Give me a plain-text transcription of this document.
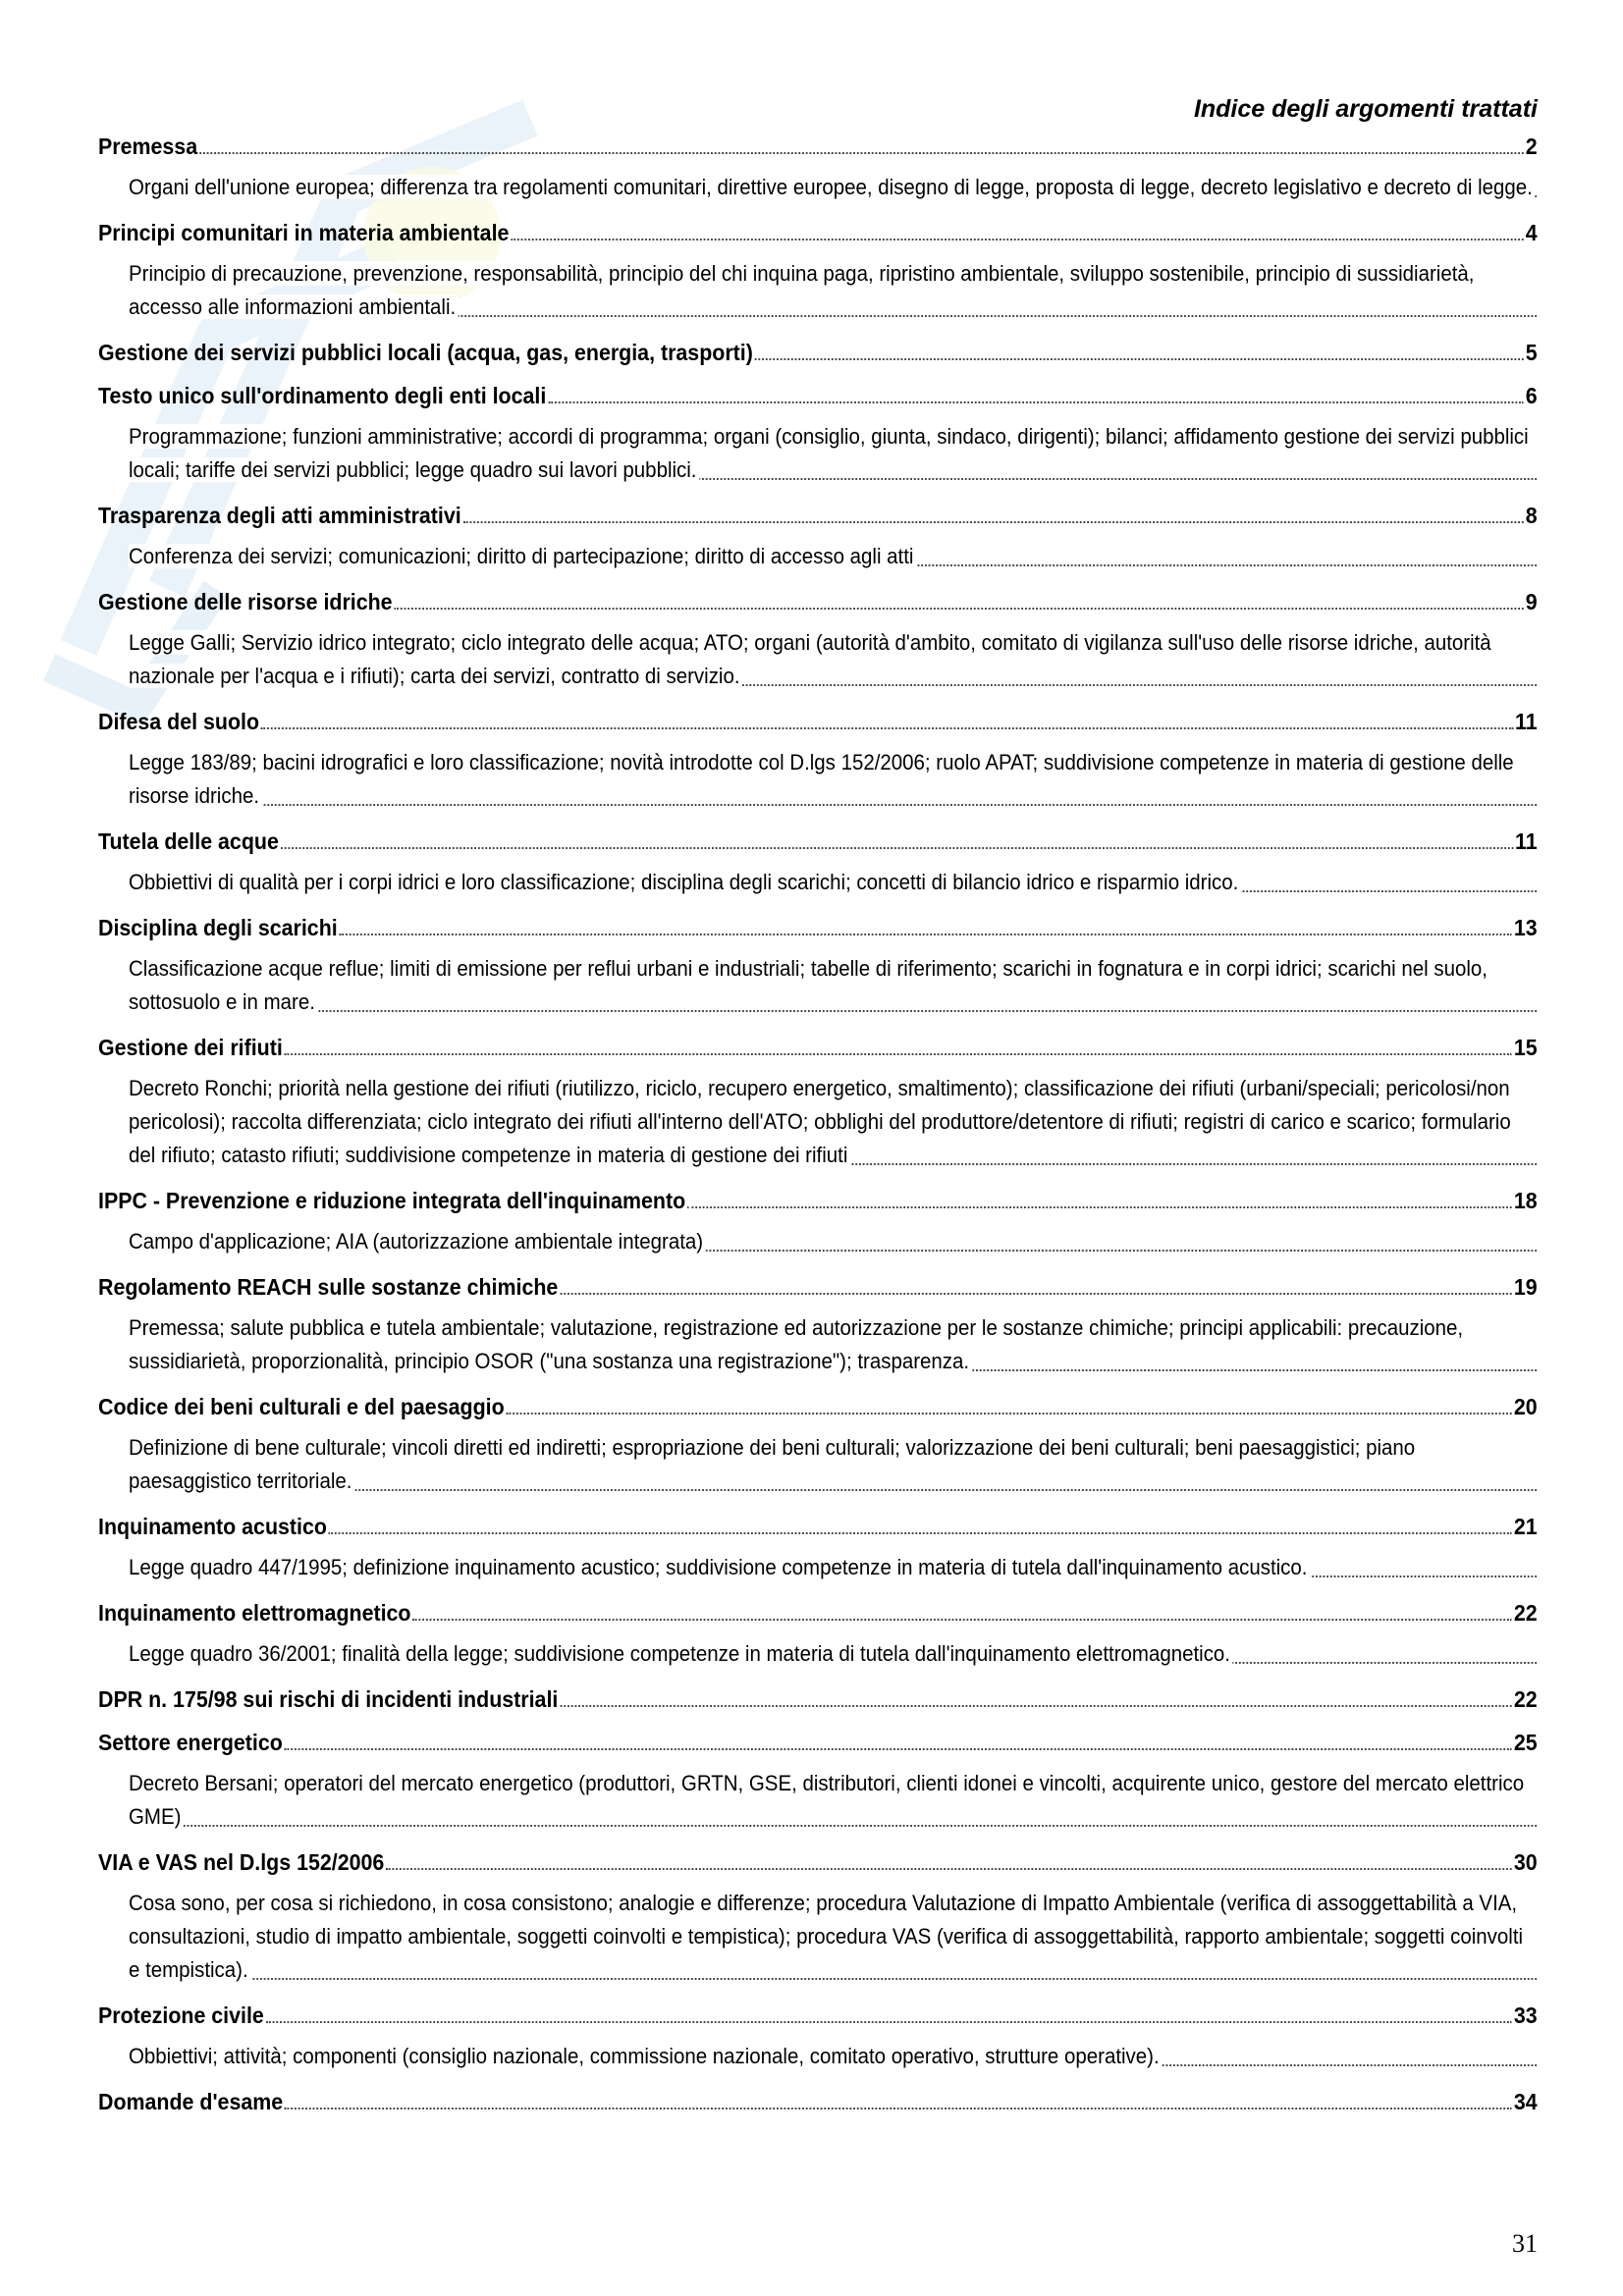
Indice degli argomenti trattati
Premessa	2
Organi dell'unione europea; differenza tra regolamenti comunitari, direttive europee, disegno di legge, proposta di legge, decreto legislativo e decreto di legge.
Principi comunitari in materia ambientale	4
Principio di precauzione, prevenzione, responsabilità, principio del chi inquina paga, ripristino ambientale, sviluppo sostenibile, principio di sussidiarietà, accesso alle informazioni ambientali.
Gestione dei servizi pubblici locali (acqua, gas, energia, trasporti)	5
Testo unico sull'ordinamento degli enti locali	6
Programmazione; funzioni amministrative; accordi di programma; organi (consiglio, giunta, sindaco, dirigenti); bilanci; affidamento gestione dei servizi pubblici locali; tariffe dei servizi pubblici; legge quadro sui lavori pubblici.
Trasparenza degli atti amministrativi	8
Conferenza dei servizi; comunicazioni; diritto di partecipazione; diritto di accesso agli atti
Gestione delle risorse idriche	9
Legge Galli; Servizio idrico integrato; ciclo integrato delle acqua; ATO; organi (autorità d'ambito, comitato di vigilanza sull'uso delle risorse idriche, autorità nazionale per l'acqua e i rifiuti); carta dei servizi, contratto di servizio.
Difesa del suolo	11
Legge 183/89; bacini idrografici e loro classificazione; novità introdotte col D.lgs 152/2006; ruolo APAT; suddivisione competenze in materia di gestione delle risorse idriche.
Tutela delle acque	11
Obbiettivi di qualità per i corpi idrici e loro classificazione; disciplina degli scarichi; concetti di bilancio idrico e risparmio idrico.
Disciplina degli scarichi	13
Classificazione acque reflue; limiti di emissione per reflui urbani e industriali; tabelle di riferimento; scarichi in fognatura e in corpi idrici; scarichi nel suolo, sottosuolo e in mare.
Gestione dei rifiuti	15
Decreto Ronchi; priorità nella gestione dei rifiuti (riutilizzo, riciclo, recupero energetico, smaltimento); classificazione dei rifiuti (urbani/speciali; pericolosi/non pericolosi); raccolta differenziata; ciclo integrato dei rifiuti all'interno dell'ATO; obblighi del produttore/detentore di rifiuti; registri di carico e scarico; formulario del rifiuto; catasto rifiuti; suddivisione competenze in materia di gestione dei rifiuti
IPPC - Prevenzione e riduzione integrata dell'inquinamento	18
Campo d'applicazione; AIA (autorizzazione ambientale integrata)
Regolamento REACH sulle sostanze chimiche	19
Premessa; salute pubblica e tutela ambientale; valutazione, registrazione ed autorizzazione per le sostanze chimiche; principi applicabili: precauzione, sussidiarietà, proporzionalità, principio OSOR ("una sostanza una registrazione"); trasparenza.
Codice dei beni culturali e del paesaggio	20
Definizione di bene culturale; vincoli diretti ed indiretti; espropriazione dei beni culturali; valorizzazione dei beni culturali; beni paesaggistici; piano paesaggistico territoriale.
Inquinamento acustico	21
Legge quadro 447/1995; definizione inquinamento acustico; suddivisione competenze in materia di tutela dall'inquinamento acustico.
Inquinamento elettromagnetico	22
Legge quadro 36/2001; finalità della legge; suddivisione competenze in materia di tutela dall'inquinamento elettromagnetico.
DPR n. 175/98 sui rischi di incidenti industriali	22
Settore energetico	25
Decreto Bersani; operatori del mercato energetico (produttori, GRTN, GSE, distributori, clienti idonei e vincolti, acquirente unico, gestore del mercato elettrico GME)
VIA e VAS nel D.lgs 152/2006	30
Cosa sono, per cosa si richiedono, in cosa consistono; analogie e differenze; procedura Valutazione di Impatto Ambientale (verifica di assoggettabilità a VIA, consultazioni, studio di impatto ambientale, soggetti coinvolti e tempistica); procedura VAS (verifica di assoggettabilità, rapporto ambientale; soggetti coinvolti e tempistica).
Protezione civile	33
Obbiettivi; attività; componenti (consiglio nazionale, commissione nazionale, comitato operativo, strutture operative).
Domande d'esame	34
31
